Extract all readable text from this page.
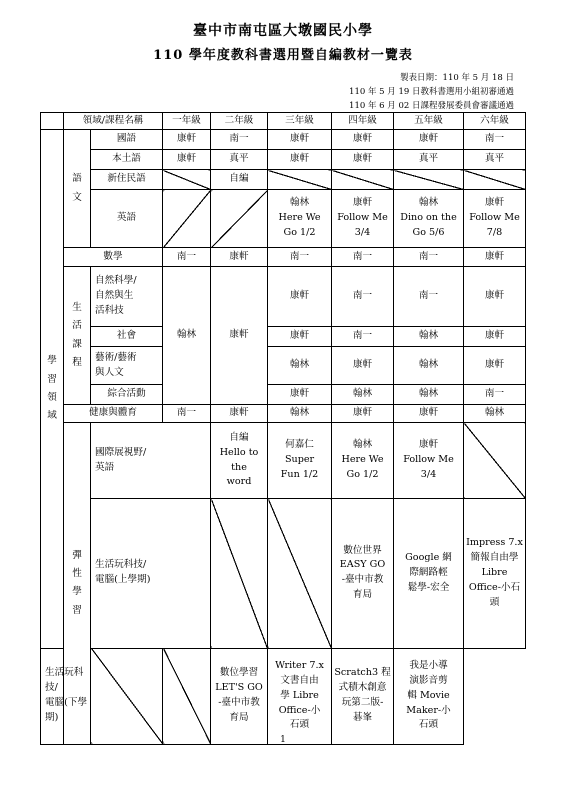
臺中市南屯區大墩國民小學
110 學年度教科書選用暨自編教材一覽表
製表日期：110 年 5 月 18 日
110 年 5 月 19 日教科書選用小組初審通過
110 年 6 月 02 日課程發展委員會審議通過
	領域/課程名稱		一年級	二年級	三年級	四年級	五年級	六年級	
學
習
領
域	語
文	國語	康軒	南一	康軒	康軒	康軒	南一	
		本土語	康軒	真平	康軒	康軒	真平	真平	
		新住民語		自編					
		英語			翰林
Here We
Go 1/2	康軒
Follow Me
3/4	翰林
Dino on the
Go 5/6	康軒
Follow Me
7/8	
	數學		南一	康軒	南一	南一	南一	康軒	
	生
活
課
程	自然科學/
自然與生
活科技	翰林	康軒	康軒	南一	南一	康軒	
		社會			康軒	南一	翰林	康軒	
		藝術/藝術
與人文			翰林	康軒	翰林	康軒	
		綜合活動			康軒	翰林	翰林	南一	
	健康與體育		南一	康軒	翰林	康軒	康軒	翰林	
	彈
性
學
習	國際展視野/
英語		自編
Hello to
the
word	何嘉仁
Super
Fun 1/2	翰林
Here We
Go 1/2	康軒
Follow Me
3/4		
		生活玩科技/
電腦(上學期)				數位世界
EASY GO
-臺中市教
育局	Google 網
際網路輕
鬆學-宏全	Impress 7.x
簡報自由學
Libre
Office-小石
頭	
生活玩科技/
電腦(下學期)				數位學習
LET'S GO
-臺中市教
育局	Writer 7.x
文書自由
學 Libre
Office-小
石頭	Scratch3 程
式積木創意
玩第二版-
碁峯	我是小導
演影音剪
輯 Movie
Maker-小
石頭		
1
